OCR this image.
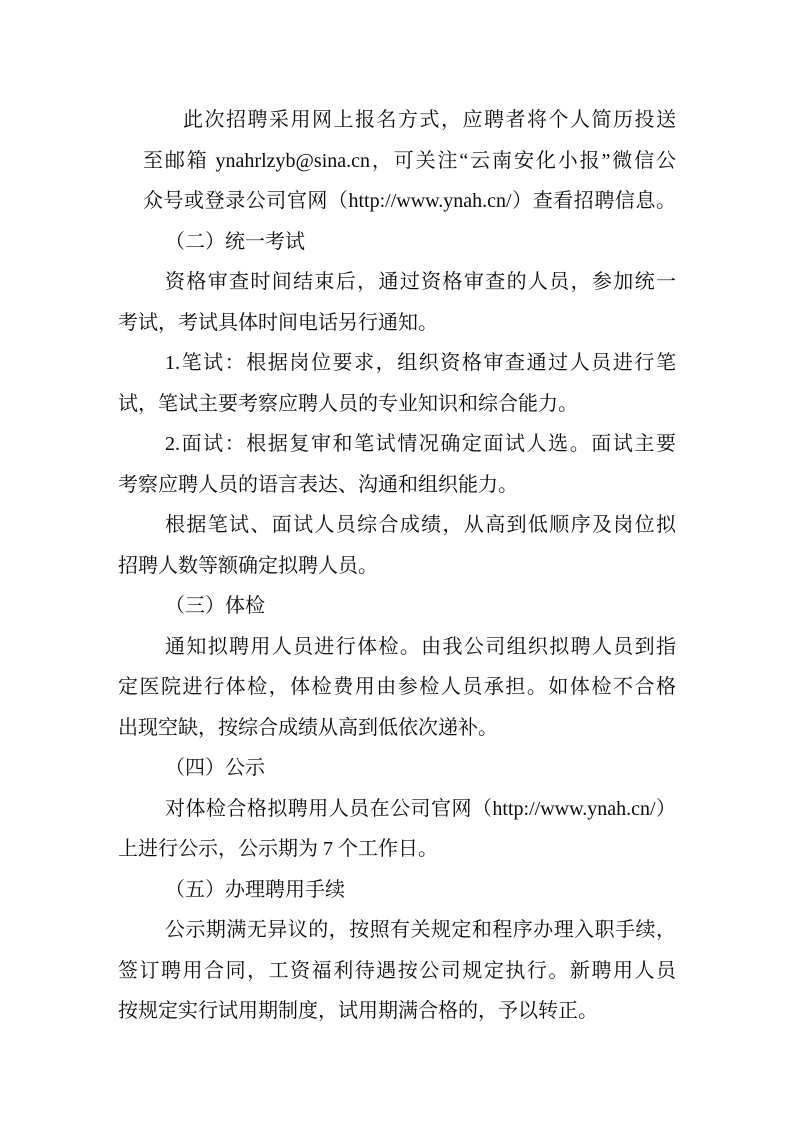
此次招聘采用网上报名方式，应聘者将个人简历投送
至邮箱 ynahrlzyb@sina.cn，可关注“云南安化小报”微信公
众号或登录公司官网（http://www.ynah.cn/）查看招聘信息。
（二）统一考试
资格审查时间结束后，通过资格审查的人员，参加统一
考试，考试具体时间电话另行通知。
1.笔试：根据岗位要求，组织资格审查通过人员进行笔
试，笔试主要考察应聘人员的专业知识和综合能力。
2.面试：根据复审和笔试情况确定面试人选。面试主要
考察应聘人员的语言表达、沟通和组织能力。
根据笔试、面试人员综合成绩，从高到低顺序及岗位拟
招聘人数等额确定拟聘人员。
（三）体检
通知拟聘用人员进行体检。由我公司组织拟聘人员到指
定医院进行体检，体检费用由参检人员承担。如体检不合格
出现空缺，按综合成绩从高到低依次递补。
（四）公示
对体检合格拟聘用人员在公司官网（http://www.ynah.cn/）
上进行公示，公示期为 7 个工作日。
（五）办理聘用手续
公示期满无异议的，按照有关规定和程序办理入职手续，
签订聘用合同，工资福利待遇按公司规定执行。新聘用人员
按规定实行试用期制度，试用期满合格的，予以转正。
